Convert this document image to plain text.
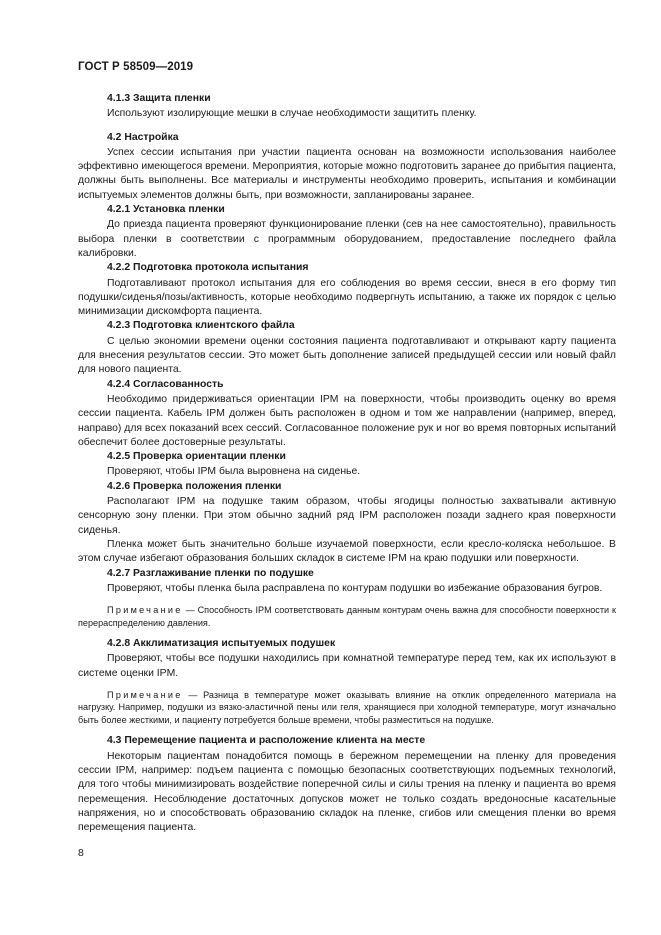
ГОСТ Р 58509—2019
4.1.3 Защита пленки

Используют изолирующие мешки в случае необходимости защитить пленку.

4.2 Настройка

Успех сессии испытания при участии пациента основан на возможности использования наиболее эффективно имеющегося времени. Мероприятия, которые можно подготовить заранее до прибытия пациента, должны быть выполнены. Все материалы и инструменты необходимо проверить, испытания и комбинации испытуемых элементов должны быть, при возможности, запланированы заранее.

4.2.1 Установка пленки

До приезда пациента проверяют функционирование пленки (сев на нее самостоятельно), правильность выбора пленки в соответствии с программным оборудованием, предоставление последнего файла калибровки.

4.2.2 Подготовка протокола испытания

Подготавливают протокол испытания для его соблюдения во время сессии, внеся в его форму тип подушки/сиденья/позы/активность, которые необходимо подвергнуть испытанию, а также их порядок с целью минимизации дискомфорта пациента.

4.2.3 Подготовка клиентского файла

С целью экономии времени оценки состояния пациента подготавливают и открывают карту пациента для внесения результатов сессии. Это может быть дополнение записей предыдущей сессии или новый файл для нового пациента.

4.2.4 Согласованность

Необходимо придерживаться ориентации IPM на поверхности, чтобы производить оценку во время сессии пациента. Кабель IPM должен быть расположен в одном и том же направлении (например, вперед, направо) для всех показаний всех сессий. Согласованное положение рук и ног во время повторных испытаний обеспечит более достоверные результаты.

4.2.5 Проверка ориентации пленки

Проверяют, чтобы IPM была выровнена на сиденье.

4.2.6 Проверка положения пленки

Располагают IPM на подушке таким образом, чтобы ягодицы полностью захватывали активную сенсорную зону пленки. При этом обычно задний ряд IPM расположен позади заднего края поверхности сиденья.

Пленка может быть значительно больше изучаемой поверхности, если кресло-коляска небольшое. В этом случае избегают образования больших складок в системе IPM на краю подушки или поверхности.

4.2.7 Разглаживание пленки по подушке

Проверяют, чтобы пленка была расправлена по контурам подушки во избежание образования бугров.

Примечание — Способность IPM соответствовать данным контурам очень важна для способности поверхности к перераспределению давления.
4.2.8 Акклиматизация испытуемых подушек

Проверяют, чтобы все подушки находились при комнатной температуре перед тем, как их используют в системе оценки IPM.

Примечание — Разница в температуре может оказывать влияние на отклик определенного материала на нагрузку. Например, подушки из вязко-эластичной пены или геля, хранящиеся при холодной температуре, могут изначально быть более жесткими, и пациенту потребуется больше времени, чтобы разместиться на подушке.
4.3 Перемещение пациента и расположение клиента на месте

Некоторым пациентам понадобится помощь в бережном перемещении на пленку для проведения сессии IPM, например: подъем пациента с помощью безопасных соответствующих подъемных технологий, для того чтобы минимизировать воздействие поперечной силы и силы трения на пленку и пациента во время перемещения. Несоблюдение достаточных допусков может не только создать вредоносные касательные напряжения, но и способствовать образованию складок на пленке, сгибов или смещения пленки во время перемещения пациента.

8
